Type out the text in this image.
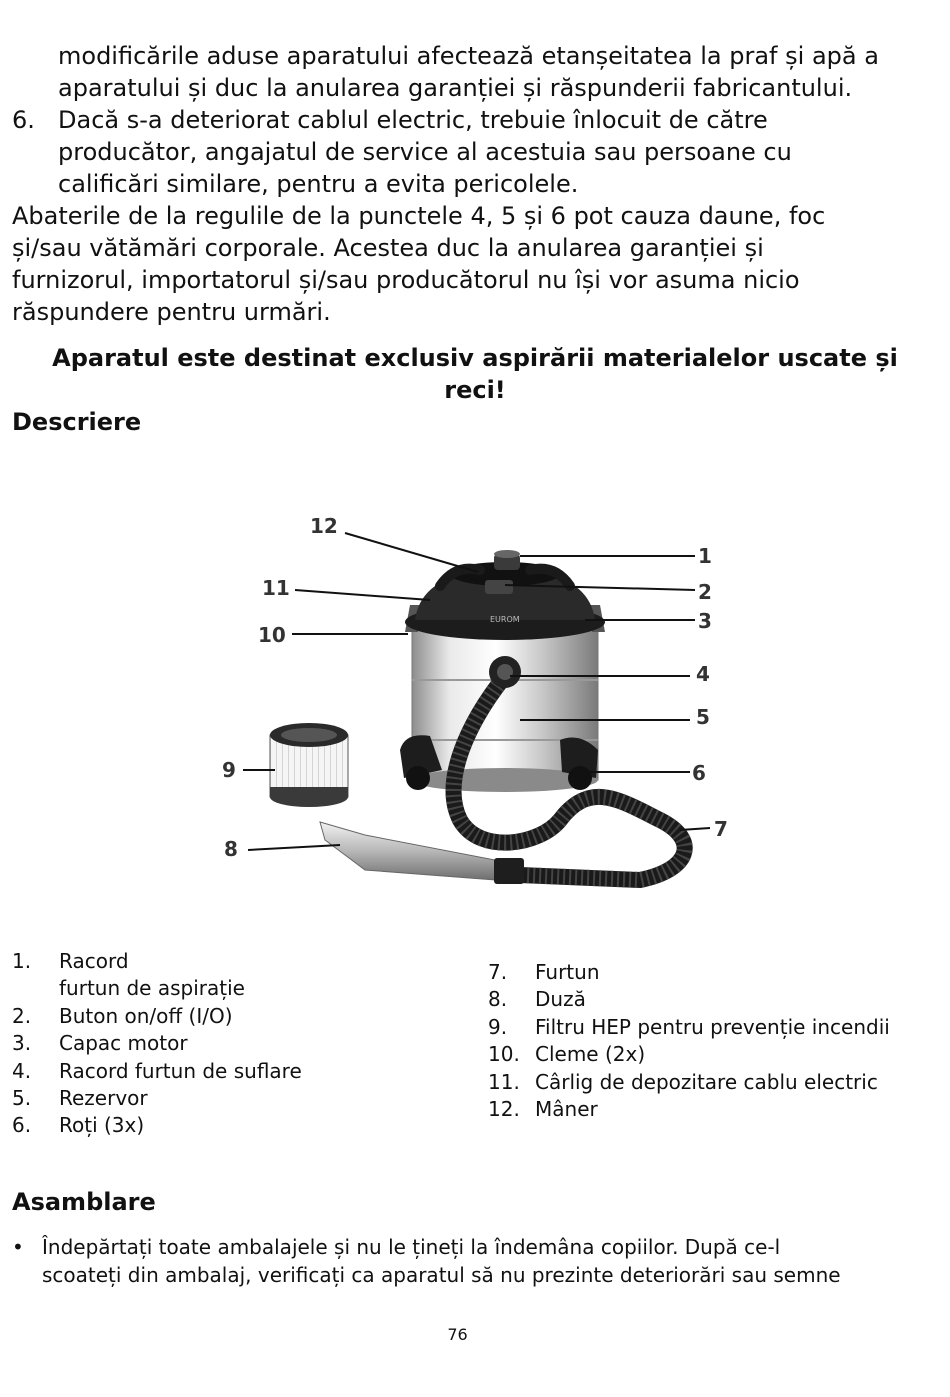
modificările aduse aparatului afectează etanșeitatea la praf și apă a
aparatului și duc la anularea garanției și răspunderii fabricantului.
6. Dacă s-a deteriorat cablul electric, trebuie înlocuit de către
producător, angajatul de service al acestuia sau persoane cu
calificări similare, pentru a evita pericolele.
Abaterile de la regulile de la punctele 4, 5 și 6 pot cauza daune, foc
și/sau vătămări corporale. Acestea duc la anularea garanției și
furnizorul, importatorul și/sau producătorul nu își vor asuma nicio
răspundere pentru urmări.
Aparatul este destinat exclusiv aspirării materialelor uscate și
reci!
Descriere
EUROM
12
1
11	2
3
10
4
5
9	6
7
8
1.	Racord
furtun de aspirație
2.	Buton on/off (I/O)
3.	Capac motor
4.	Racord furtun de suflare
5.	Rezervor
6.	Roți (3x)
7.	Furtun
8.	Duză
9.	Filtru HEP pentru prevenție incendii
10. Cleme (2x)
11. Cârlig de depozitare cablu electric
12. Mâner
Asamblare
• Îndepărtați toate ambalajele și nu le țineți la îndemâna copiilor. După ce-l
scoateți din ambalaj, verificați ca aparatul să nu prezinte deteriorări sau semne
76
